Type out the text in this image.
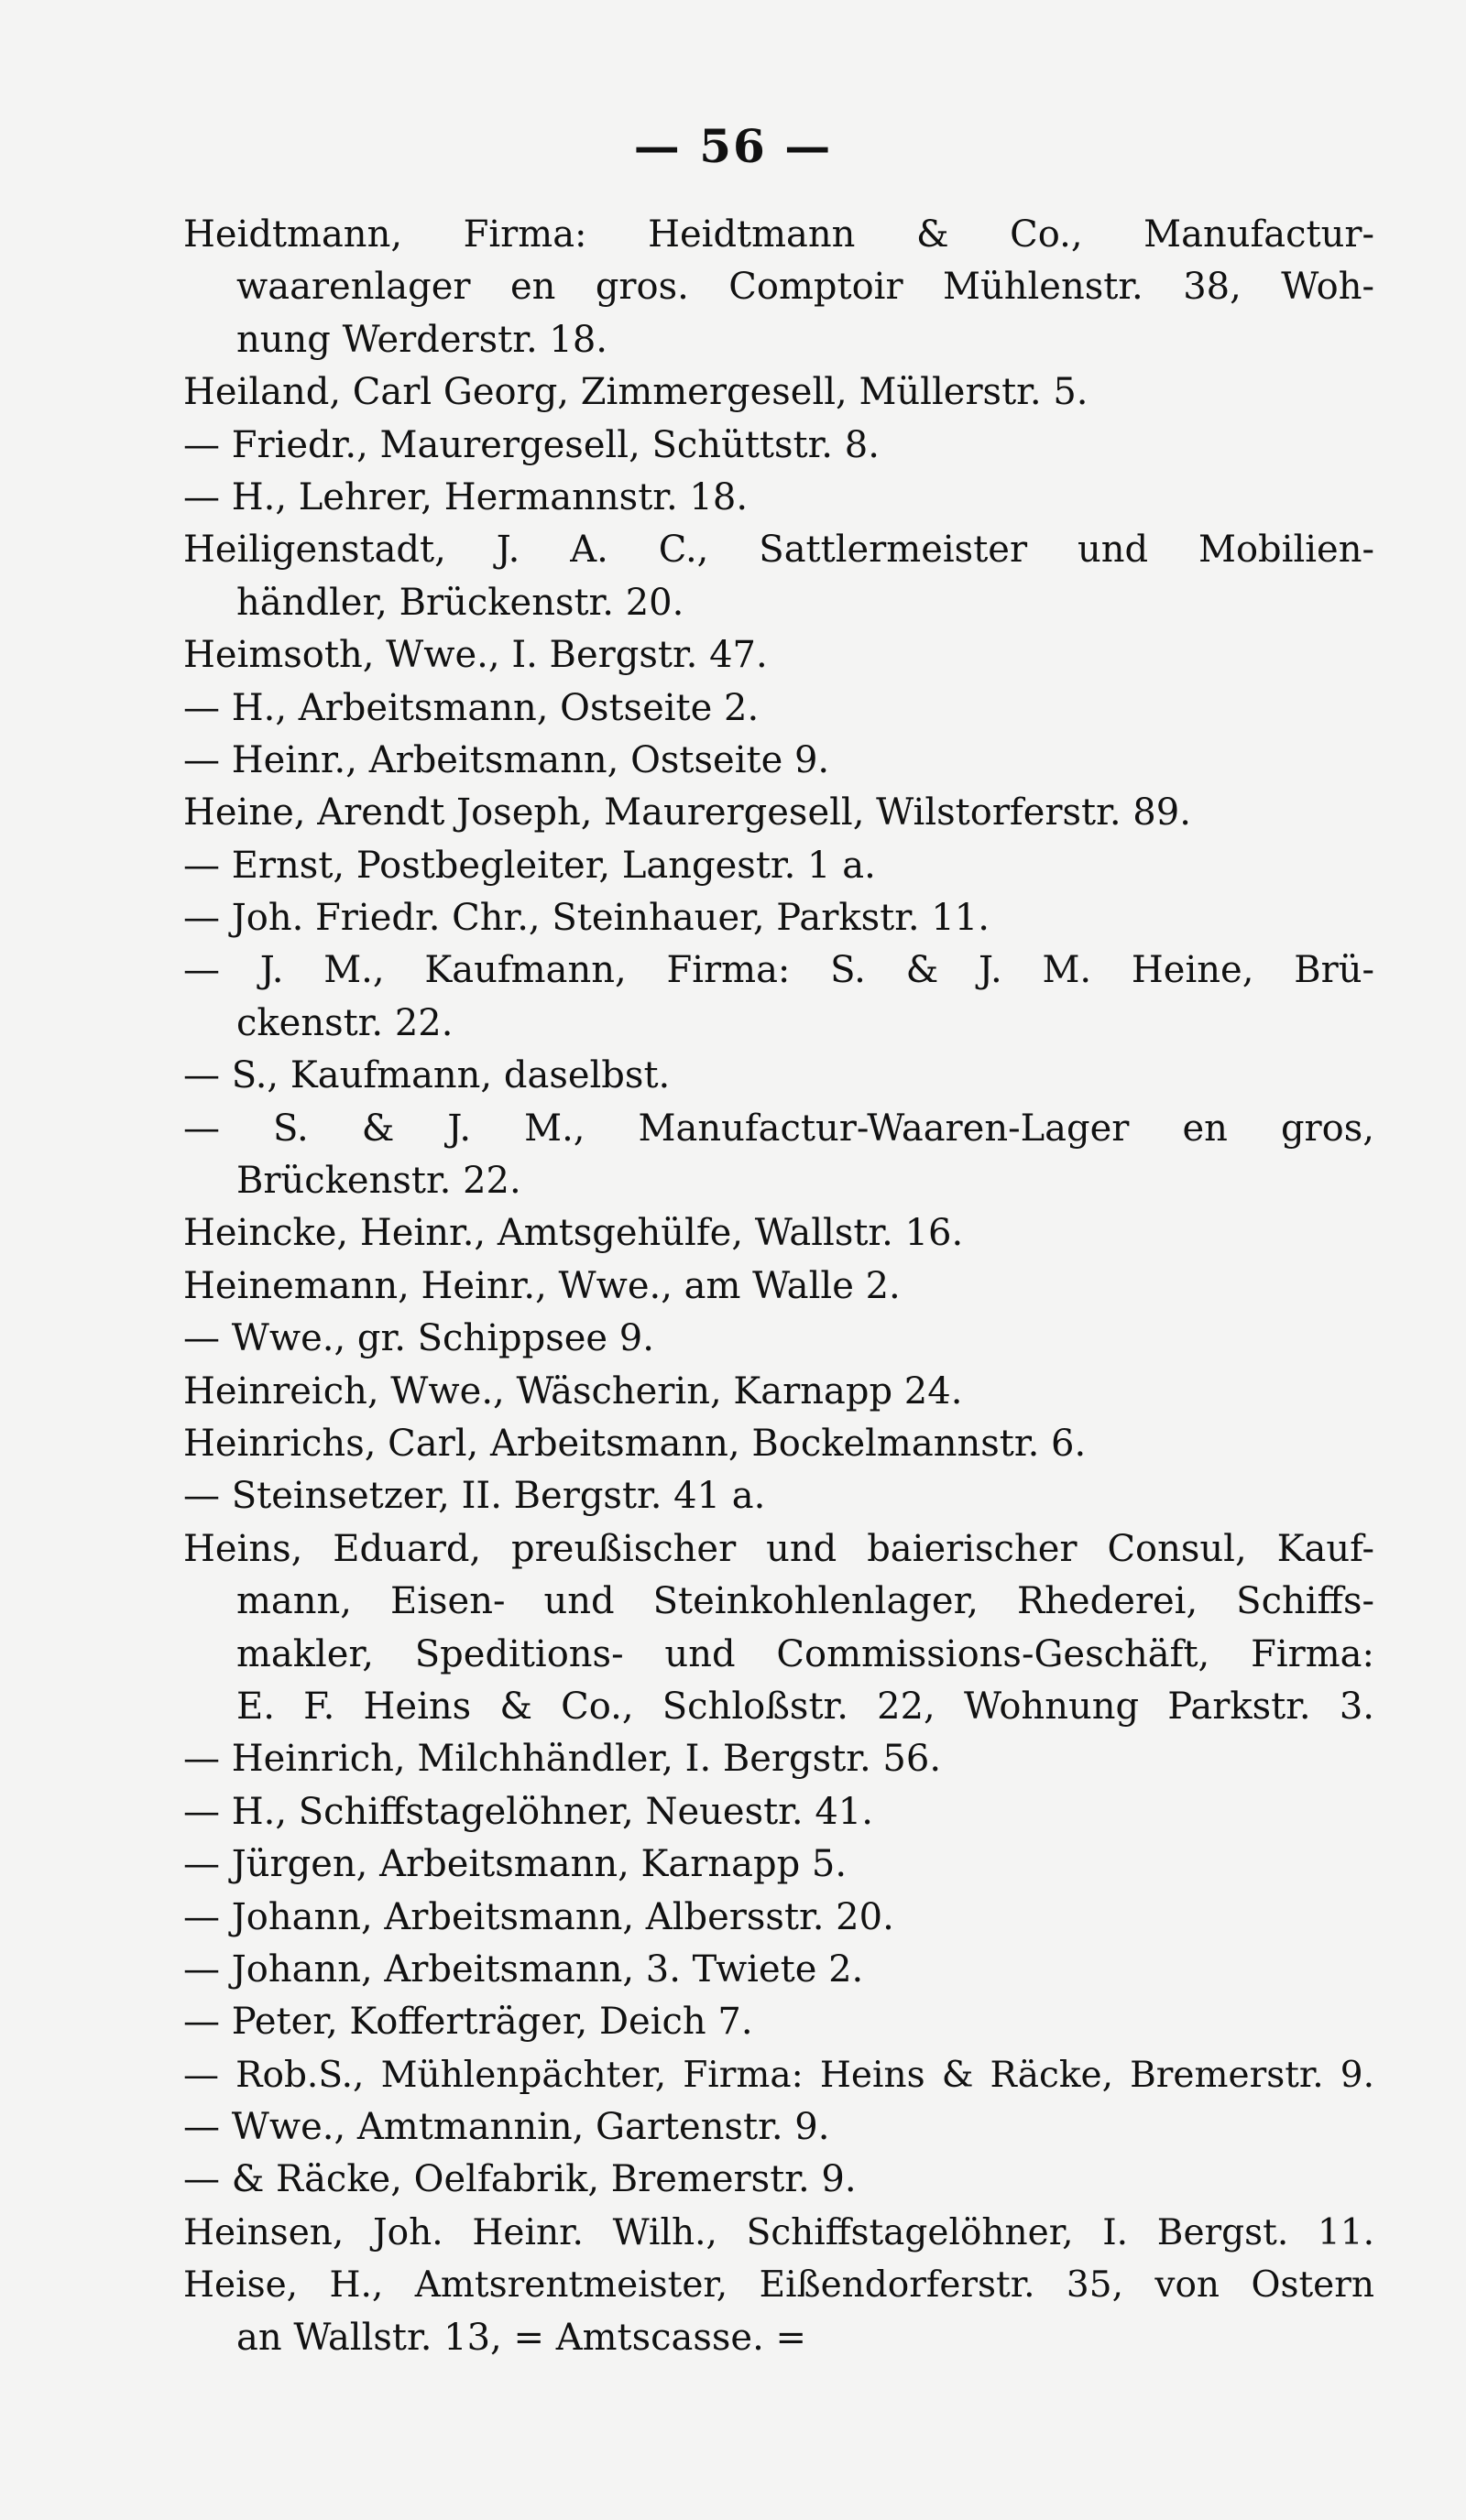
— 56 —
Heidtmann, Firma: Heidtmann & Co., Manufactur-
waarenlager en gros. Comptoir Mühlenstr. 38, Woh-
nung Werderstr. 18.
Heiland, Carl Georg, Zimmergesell, Müllerstr. 5.
— Friedr., Maurergesell, Schüttstr. 8.
— H., Lehrer, Hermannstr. 18.
Heiligenstadt, J. A. C., Sattlermeister und Mobilien-
händler, Brückenstr. 20.
Heimsoth, Wwe., I. Bergstr. 47.
— H., Arbeitsmann, Ostseite 2.
— Heinr., Arbeitsmann, Ostseite 9.
Heine, Arendt Joseph, Maurergesell, Wilstorferstr. 89.
— Ernst, Postbegleiter, Langestr. 1 a.
— Joh. Friedr. Chr., Steinhauer, Parkstr. 11.
— J. M., Kaufmann, Firma: S. & J. M. Heine, Brü-
ckenstr. 22.
— S., Kaufmann, daselbst.
— S. & J. M., Manufactur-Waaren-Lager en gros,
Brückenstr. 22.
Heincke, Heinr., Amtsgehülfe, Wallstr. 16.
Heinemann, Heinr., Wwe., am Walle 2.
— Wwe., gr. Schippsee 9.
Heinreich, Wwe., Wäscherin, Karnapp 24.
Heinrichs, Carl, Arbeitsmann, Bockelmannstr. 6.
— Steinsetzer, II. Bergstr. 41 a.
Heins, Eduard, preußischer und baierischer Consul, Kauf-
mann, Eisen- und Steinkohlenlager, Rhederei, Schiffs-
makler, Speditions- und Commissions-Geschäft, Firma:
E. F. Heins & Co., Schloßstr. 22, Wohnung Parkstr. 3.
— Heinrich, Milchhändler, I. Bergstr. 56.
— H., Schiffstagelöhner, Neuestr. 41.
— Jürgen, Arbeitsmann, Karnapp 5.
— Johann, Arbeitsmann, Albersstr. 20.
— Johann, Arbeitsmann, 3. Twiete 2.
— Peter, Kofferträger, Deich 7.
— Rob.S., Mühlenpächter, Firma: Heins & Räcke, Bremerstr. 9.
— Wwe., Amtmannin, Gartenstr. 9.
— & Räcke, Oelfabrik, Bremerstr. 9.
Heinsen, Joh. Heinr. Wilh., Schiffstagelöhner, I. Bergst. 11.
Heise, H., Amtsrentmeister, Eißendorferstr. 35, von Ostern
an Wallstr. 13, = Amtscasse. =
